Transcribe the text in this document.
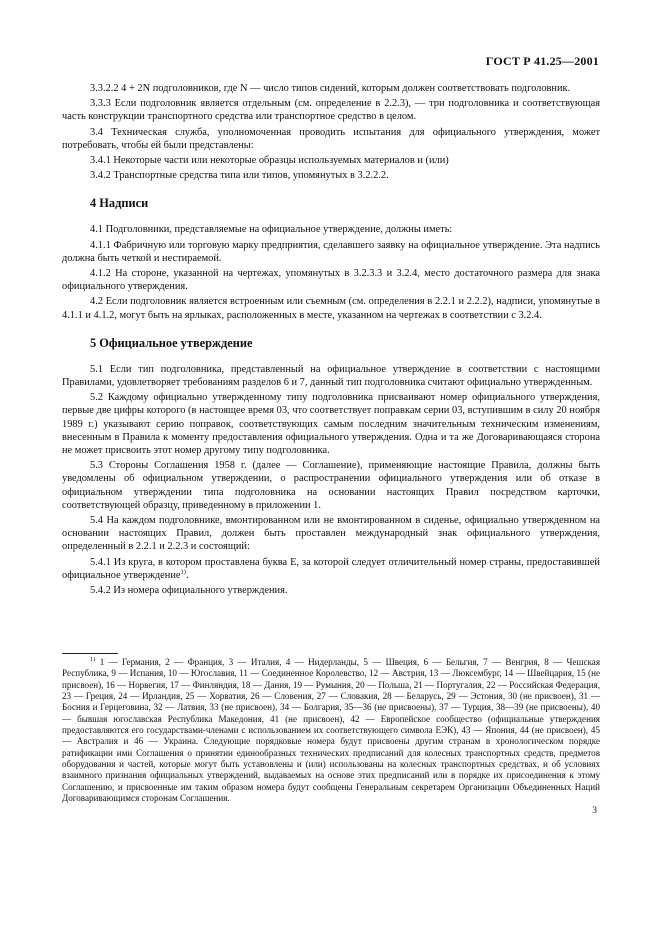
ГОСТ Р 41.25—2001

3.3.2.2 4 + 2N подголовников, где N — число типов сидений, которым должен соответствовать подголовник.

3.3.3 Если подголовник является отдельным (см. определение в 2.2.3), — три подголовника и соответствующая часть конструкции транспортного средства или транспортное средство в целом.

3.4 Техническая служба, уполномоченная проводить испытания для официального утверждения, может потребовать, чтобы ей были представлены:

3.4.1 Некоторые части или некоторые образцы используемых материалов и (или)

3.4.2 Транспортные средства типа или типов, упомянутых в 3.2.2.2.

4 Надписи

4.1 Подголовники, представляемые на официальное утверждение, должны иметь:

4.1.1 Фабричную или торговую марку предприятия, сделавшего заявку на официальное утверждение. Эта надпись должна быть четкой и нестираемой.

4.1.2 На стороне, указанной на чертежах, упомянутых в 3.2.3.3 и 3.2.4, место достаточного размера для знака официального утверждения.

4.2 Если подголовник является встроенным или съемным (см. определения в 2.2.1 и 2.2.2), надписи, упомянутые в 4.1.1 и 4.1.2, могут быть на ярлыках, расположенных в месте, указанном на чертежах в соответствии с 3.2.4.

5 Официальное утверждение

5.1 Если тип подголовника, представленный на официальное утверждение в соответствии с настоящими Правилами, удовлетворяет требованиям разделов 6 и 7, данный тип подголовника считают официально утвержденным.

5.2 Каждому официально утвержденному типу подголовника присваивают номер официального утверждения, первые две цифры которого (в настоящее время 03, что соответствует поправкам серии 03, вступившим в силу 20 ноября 1989 г.) указывают серию поправок, соответствующих самым последним значительным техническим изменениям, внесенным в Правила к моменту предоставления официального утверждения. Одна и та же Договаривающаяся сторона не может присвоить этот номер другому типу подголовника.

5.3 Стороны Соглашения 1958 г. (далее — Соглашение), применяющие настоящие Правила, должны быть уведомлены об официальном утверждении, о распространении официального утверждения или об отказе в официальном утверждении типа подголовника на основании настоящих Правил посредством карточки, соответствующей образцу, приведенному в приложении 1.

5.4 На каждом подголовнике, вмонтированном или не вмонтированном в сиденье, официально утвержденном на основании настоящих Правил, должен быть проставлен международный знак официального утверждения, определенный в 2.2.1 и 2.2.3 и состоящий:

5.4.1 Из круга, в котором проставлена буква Е, за которой следует отличительный номер страны, предоставившей официальное утверждение$^{1)}$.

5.4.2 Из номера официального утверждения.

$^{1)}$ 1 — Германия, 2 — Франция, 3 — Италия, 4 — Нидерланды, 5 — Швеция, 6 — Бельгия, 7 — Венгрия, 8 — Чешская Республика, 9 — Испания, 10 — Югославия, 11 — Соединенное Королевство, 12 — Австрия, 13 — Люксембург, 14 — Швейцария, 15 (не присвоен), 16 — Норвегия, 17 — Финляндия, 18 — Дания, 19 — Румыния, 20 — Польша, 21 — Португалия, 22 — Российская Федерация, 23 — Греция, 24 — Ирландия, 25 — Хорватия, 26 — Словения, 27 — Словакия, 28 — Беларусь, 29 — Эстония, 30 (не присвоен), 31 — Босния и Герцеговина, 32 — Латвия, 33 (не присвоен), 34 — Болгария, 35—36 (не присвоены), 37 — Турция, 38—39 (не присвоены), 40 — бывшая югославская Республика Македония, 41 (не присвоен), 42 — Европейское сообщество (официальные утверждения предоставляются его государствами-членами с использованием их соответствующего символа ЕЭК), 43 — Япония, 44 (не присвоен), 45 — Австралия и 46 — Украина. Следующие порядковые номера будут присвоены другим странам в хронологическом порядке ратификации ими Соглашения о принятии единообразных технических предписаний для колесных транспортных средств, предметов оборудования и частей, которые могут быть установлены и (или) использованы на колесных транспортных средствах, и об условиях взаимного признания официальных утверждений, выдаваемых на основе этих предписаний или в порядке их присоединения к этому Соглашению, и присвоенные им таким образом номера будут сообщены Генеральным секретарем Организации Объединенных Наций Договаривающимся сторонам Соглашения.

3
